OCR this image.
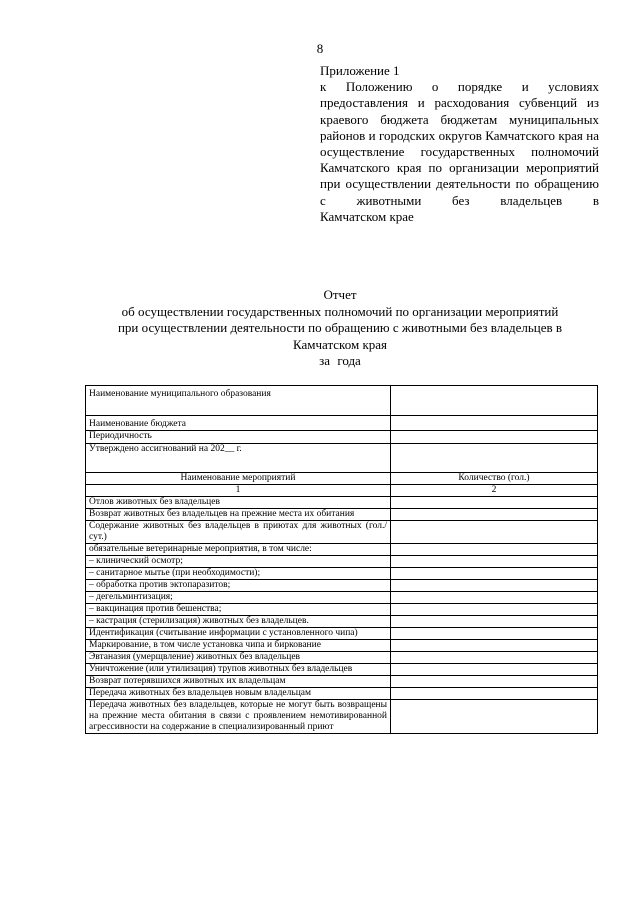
8
Приложение 1
к Положению о порядке и условиях предоставления и расходования субвенций из краевого бюджета бюджетам муниципальных районов и городских округов Камчатского края на осуществление государственных полномочий Камчатского края по организации мероприятий при осуществлении деятельности по обращению с животными без владельцев в
Камчатском крае
Отчет
об осуществлении государственных полномочий по организации мероприятий
при осуществлении деятельности по обращению с животными без владельцев в
Камчатском края
за года
Наименование муниципального образования	
Наименование бюджета	
Периодичность	
Утверждено ассигнований на 202__ г.	
Наименование мероприятий	Количество (гол.)
1	2
Отлов животных без владельцев	
Возврат животных без владельцев на прежние места их обитания	
Содержание животных без владельцев в приютах для животных (гол./сут.)	
обязательные ветеринарные мероприятия, в том числе:	
– клинический осмотр;	
– санитарное мытье (при необходимости);	
– обработка против эктопаразитов;	
– дегельминтизация;	
– вакцинация против бешенства;	
– кастрация (стерилизация) животных без владельцев.	
Идентификация (считывание информации с установленного чипа)	
Маркирование, в том числе установка чипа и биркование	
Эвтаназия (умерщвление) животных без владельцев	
Уничтожение (или утилизация) трупов животных без владельцев	
Возврат потерявшихся животных их владельцам	
Передача животных без владельцев новым владельцам	
Передача животных без владельцев, которые не могут быть возвращены на прежние места обитания в связи с проявлением немотивированной агрессивности на содержание в специализированный приют	
